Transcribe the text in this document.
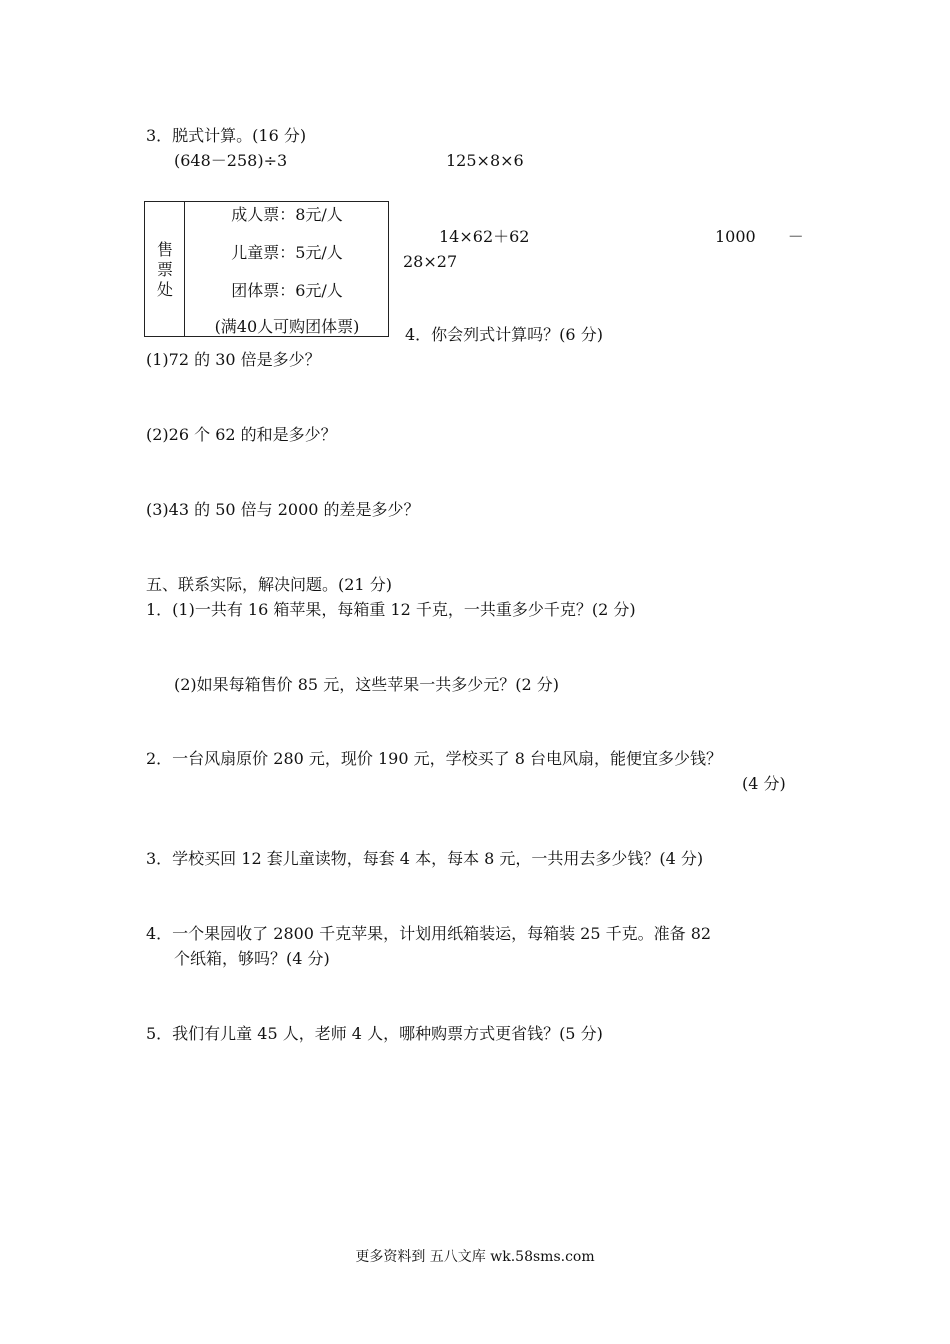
3．脱式计算。(16 分)
(648－258)÷3	125×8×6
售票处
成人票：8元/人
儿童票：5元/人
团体票：6元/人
(满40人可购团体票)
14×62＋62	1000　　－
28×27
4．你会列式计算吗？(6 分)
(1)72 的 30 倍是多少？
(2)26 个 62 的和是多少？
(3)43 的 50 倍与 2000 的差是多少？
五、联系实际，解决问题。(21 分)
1．(1)一共有 16 箱苹果，每箱重 12 千克，一共重多少千克？(2 分)
(2)如果每箱售价 85 元，这些苹果一共多少元？(2 分)
2．一台风扇原价 280 元，现价 190 元，学校买了 8 台电风扇，能便宜多少钱？
(4 分)
3．学校买回 12 套儿童读物，每套 4 本，每本 8 元，一共用去多少钱？(4 分)
4．一个果园收了 2800 千克苹果，计划用纸箱装运，每箱装 25 千克。准备 82
个纸箱，够吗？(4 分)
5．我们有儿童 45 人，老师 4 人，哪种购票方式更省钱？(5 分)
更多资料到 五八文库 wk.58sms.com
